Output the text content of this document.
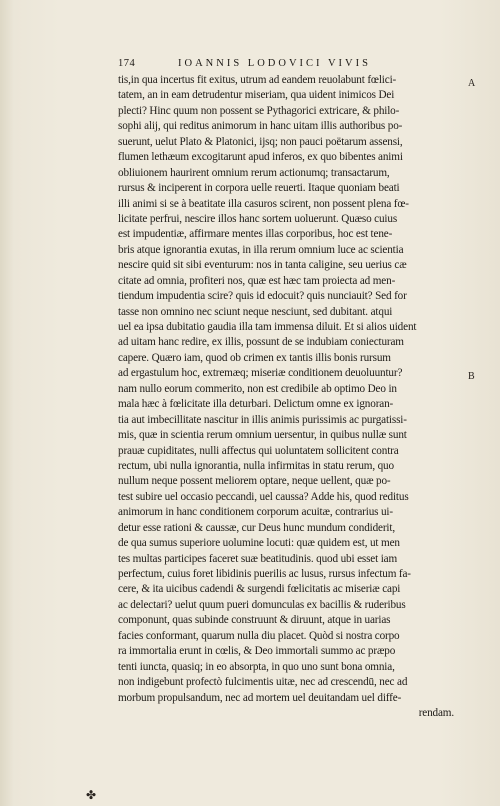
174	IOANNIS LODOVICI VIVIS
tis,in qua incertus fit exitus, utrum ad eandem reuolabunt fœlici-
tatem, an in eam detrudentur miseriam, qua uident inimicos Dei
plecti? Hinc quum non possent se Pythagorici extricare, & philo-
sophi alij, qui reditus animorum in hanc uitam illis authoribus po-
suerunt, uelut Plato & Platonici, ijsq; non pauci poëtarum assensi,
flumen lethæum excogitarunt apud inferos, ex quo bibentes animi
obliuionem haurirent omnium rerum actionumq; transactarum,
rursus & inciperent in corpora uelle reuerti. Itaque quoniam beati
illi animi si se à beatitate illa casuros scirent, non possent plena fœ-
licitate perfrui, nescire illos hanc sortem uoluerunt. Quæso cuius
est impudentiæ, affirmare mentes illas corporibus, hoc est tene-
bris atque ignorantia exutas, in illa rerum omnium luce ac scientia
nescire quid sit sibi eventurum: nos in tanta caligine, seu uerius cæ
citate ad omnia, profiteri nos, quæ est hæc tam proiecta ad men-
tiendum impudentia scire? quis id edocuit? quis nunciauit? Sed for
tasse non omnino nec sciunt neque nesciunt, sed dubitant. atqui
uel ea ipsa dubitatio gaudia illa tam immensa diluit. Et si alios uident
ad uitam hanc redire, ex illis, possunt de se indubiam coniecturam
capere. Quæro iam, quod ob crimen ex tantis illis bonis rursum
ad ergastulum hoc, extremæq; miseriæ conditionem deuoluuntur?
nam nullo eorum commerito, non est credibile ab optimo Deo in
mala hæc à fœlicitate illa deturbari. Delictum omne ex ignoran-
tia aut imbecillitate nascitur in illis animis purissimis ac purgatissi-
mis, quæ in scientia rerum omnium uersentur, in quibus nullæ sunt
prauæ cupiditates, nulli affectus qui uoluntatem sollicitent contra
rectum, ubi nulla ignorantia, nulla infirmitas in statu rerum, quo
nullum neque possent meliorem optare, neque uellent, quæ po-
test subire uel occasio peccandi, uel caussa? Adde his, quod reditus
animorum in hanc conditionem corporum acuitæ, contrarius ui-
detur esse rationi & caussæ, cur Deus hunc mundum condiderit,
de qua sumus superiore uolumine locuti: quæ quidem est, ut men
tes multas participes faceret suæ beatitudinis. quod ubi esset iam
perfectum, cuius foret libidinis puerilis ac lusus, rursus infectum fa-
cere, & ita uicibus cadendi & surgendi fœlicitatis ac miseriæ capi
ac delectari? uelut quum pueri domunculas ex bacillis & ruderibus
componunt, quas subinde construunt & diruunt, atque in uarias
facies conformant, quarum nulla diu placet. Quòd si nostra corpo
ra immortalia erunt in cœlis, & Deo immortali summo ac præpo
tenti iuncta, quasiq; in eo absorpta, in quo uno sunt bona omnia,
non indigebunt profectò fulcimentis uitæ, nec ad crescendū, nec ad
morbum propulsandum, nec ad mortem uel deuitandam uel diffe-
rendam.
A
B
✤
